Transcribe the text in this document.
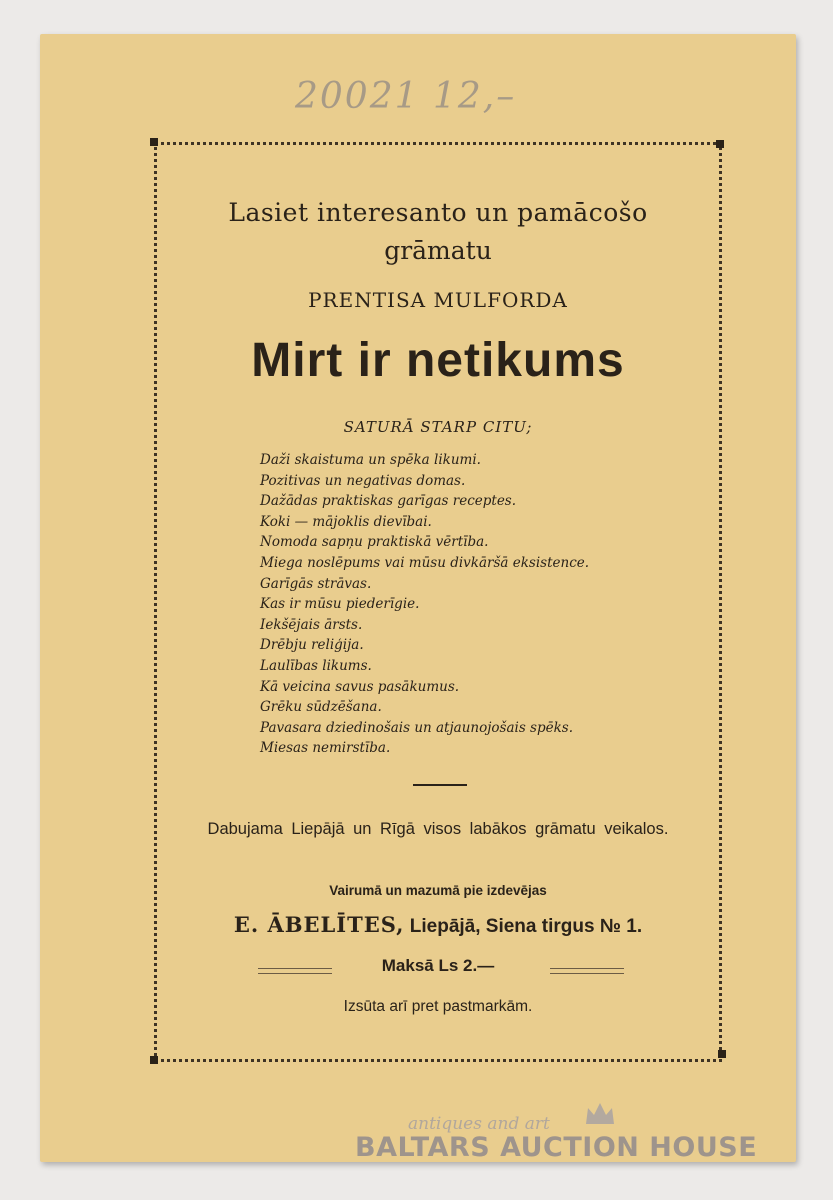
20021 12,–
Lasiet interesanto un pamācošo
grāmatu
PRENTISA MULFORDA
Mirt ir netikums
SATURĀ STARP CITU;
Daži skaistuma un spēka likumi.
Pozitivas un negativas domas.
Dažādas praktiskas garīgas receptes.
Koki — mājoklis dievībai.
Nomoda sapņu praktiskā vērtība.
Miega noslēpums vai mūsu divkāršā eksistence.
Garīgās strāvas.
Kas ir mūsu piederīgie.
Iekšējais ārsts.
Drēbju reliģija.
Laulības likums.
Kā veicina savus pasākumus.
Grēku sūdzēšana.
Pavasara dziedinošais un atjaunojošais spēks.
Miesas nemirstība.
Dabujama Liepājā un Rīgā visos labākos grāmatu veikalos.
Vairumā un mazumā pie izdevējas
E. ĀBELĪTES, Liepājā, Siena tirgus № 1.
Maksā Ls 2.—
Izsūta arī pret pastmarkām.
antiques and art
BALTARS AUCTION HOUSE
